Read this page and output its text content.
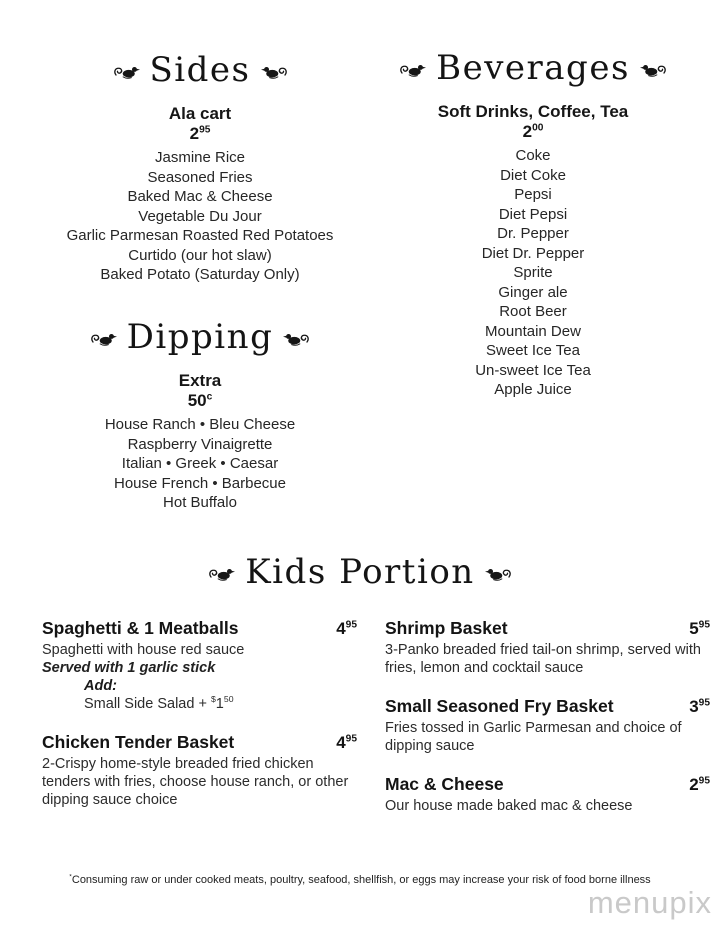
Sides
Ala cart
$2^{95}$
Jasmine Rice
Seasoned Fries
Baked Mac & Cheese
Vegetable Du Jour
Garlic Parmesan Roasted Red Potatoes
Curtido (our hot slaw)
Baked Potato (Saturday Only)
Dipping
Extra
50$^c$
House Ranch • Bleu Cheese
Raspberry Vinaigrette
Italian • Greek • Caesar
House French • Barbecue
Hot Buffalo
Beverages
Soft Drinks, Coffee, Tea
$2^{00}$
Coke
Diet Coke
Pepsi
Diet Pepsi
Dr. Pepper
Diet Dr. Pepper
Sprite
Ginger ale
Root Beer
Mountain Dew
Sweet Ice Tea
Un-sweet Ice Tea
Apple Juice
Kids Portion
Spaghetti & 1 Meatballs	$4^{95}$
Spaghetti with house red sauce
Served with 1 garlic stick
Add:
Small Side Salad + $^{\$}1^{50}$
Chicken Tender Basket	$4^{95}$
2-Crispy home-style breaded fried chicken tenders with fries, choose house ranch, or other dipping sauce choice
Shrimp Basket	$5^{95}$
3-Panko breaded fried tail-on shrimp, served with fries, lemon and cocktail sauce
Small Seasoned Fry Basket	$3^{95}$
Fries tossed in Garlic Parmesan and choice of dipping sauce
Mac & Cheese	$2^{95}$
Our house made baked mac & cheese
*Consuming raw or under cooked meats, poultry, seafood, shellfish, or eggs may increase your risk of food borne illness
menupix
